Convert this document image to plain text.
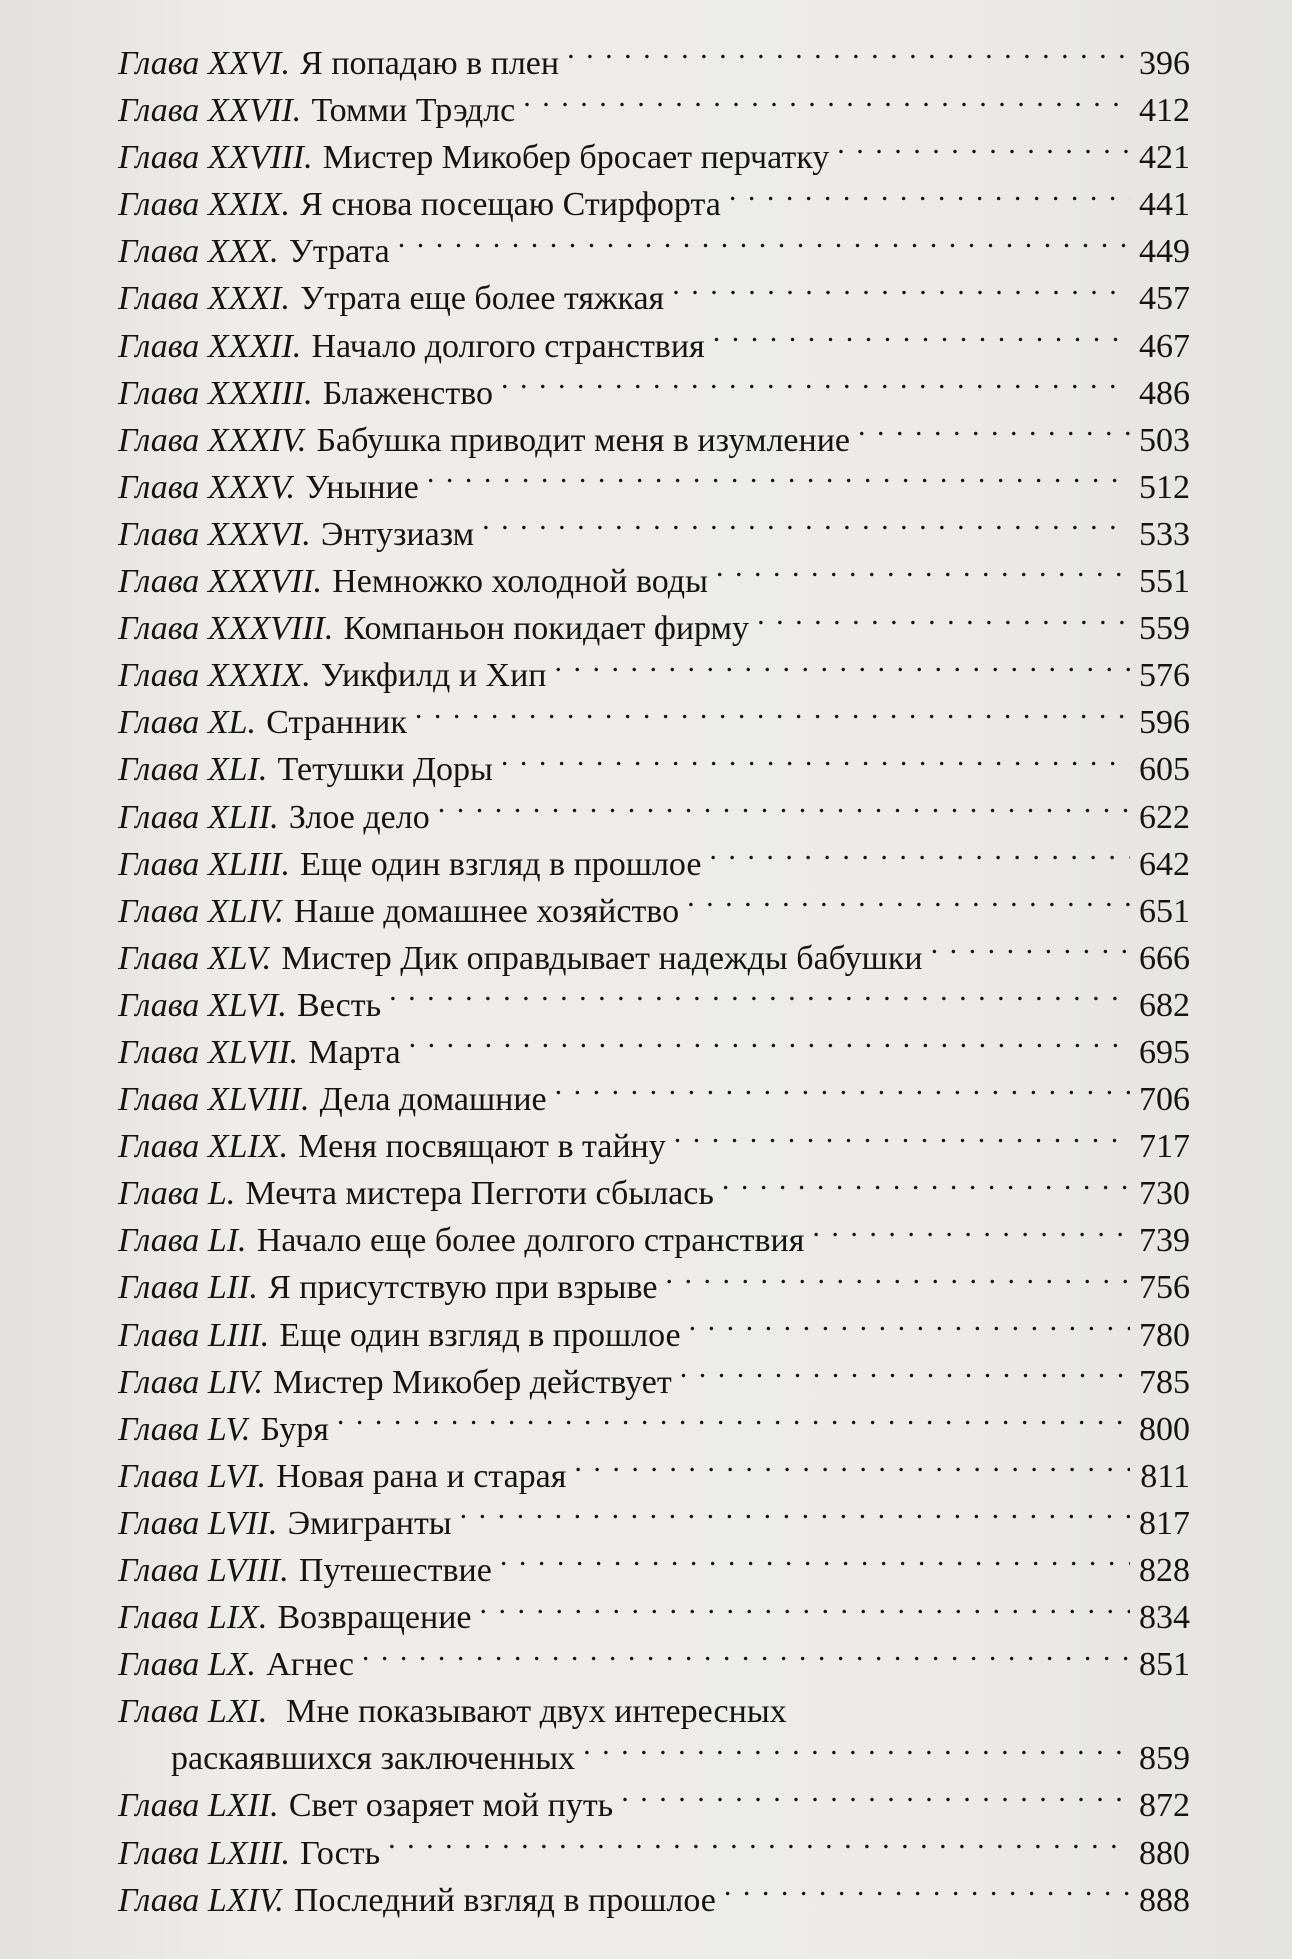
Глава XXVI. Я попадаю в плен . . .	396
Глава XXVII. Томми Трэдлс . . .	412
Глава XXVIII. Мистер Микобер бросает перчатку . . .	421
Глава XXIX. Я снова посещаю Стирфорта . . .	441
Глава XXX. Утрата . . .	449
Глава XXXI. Утрата еще более тяжкая . . .	457
Глава XXXII. Начало долгого странствия . . .	467
Глава XXXIII. Блаженство . . .	486
Глава XXXIV. Бабушка приводит меня в изумление . . .	503
Глава XXXV. Уныние . . .	512
Глава XXXVI. Энтузиазм . . .	533
Глава XXXVII. Немножко холодной воды . . .	551
Глава XXXVIII. Компаньон покидает фирму . . .	559
Глава XXXIX. Уикфилд и Хип . . .	576
Глава XL. Странник . . .	596
Глава XLI. Тетушки Доры . . .	605
Глава XLII. Злое дело . . .	622
Глава XLIII. Еще один взгляд в прошлое . . .	642
Глава XLIV. Наше домашнее хозяйство . . .	651
Глава XLV. Мистер Дик оправдывает надежды бабушки . . .	666
Глава XLVI. Весть . . .	682
Глава XLVII. Марта . . .	695
Глава XLVIII. Дела домашние . . .	706
Глава XLIX. Меня посвящают в тайну . . .	717
Глава L. Мечта мистера Пегготи сбылась . . .	730
Глава LI. Начало еще более долгого странствия . . .	739
Глава LII. Я присутствую при взрыве . . .	756
Глава LIII. Еще один взгляд в прошлое . . .	780
Глава LIV. Мистер Микобер действует . . .	785
Глава LV. Буря . . .	800
Глава LVI. Новая рана и старая . . .	811
Глава LVII. Эмигранты . . .	817
Глава LVIII. Путешествие . . .	828
Глава LIX. Возвращение . . .	834
Глава LX. Агнес . . .	851
Глава LXI. Мне показывают двух интересных
раскаявшихся заключенных . . .	859
Глава LXII. Свет озаряет мой путь . . .	872
Глава LXIII. Гость . . .	880
Глава LXIV. Последний взгляд в прошлое . . .	888
